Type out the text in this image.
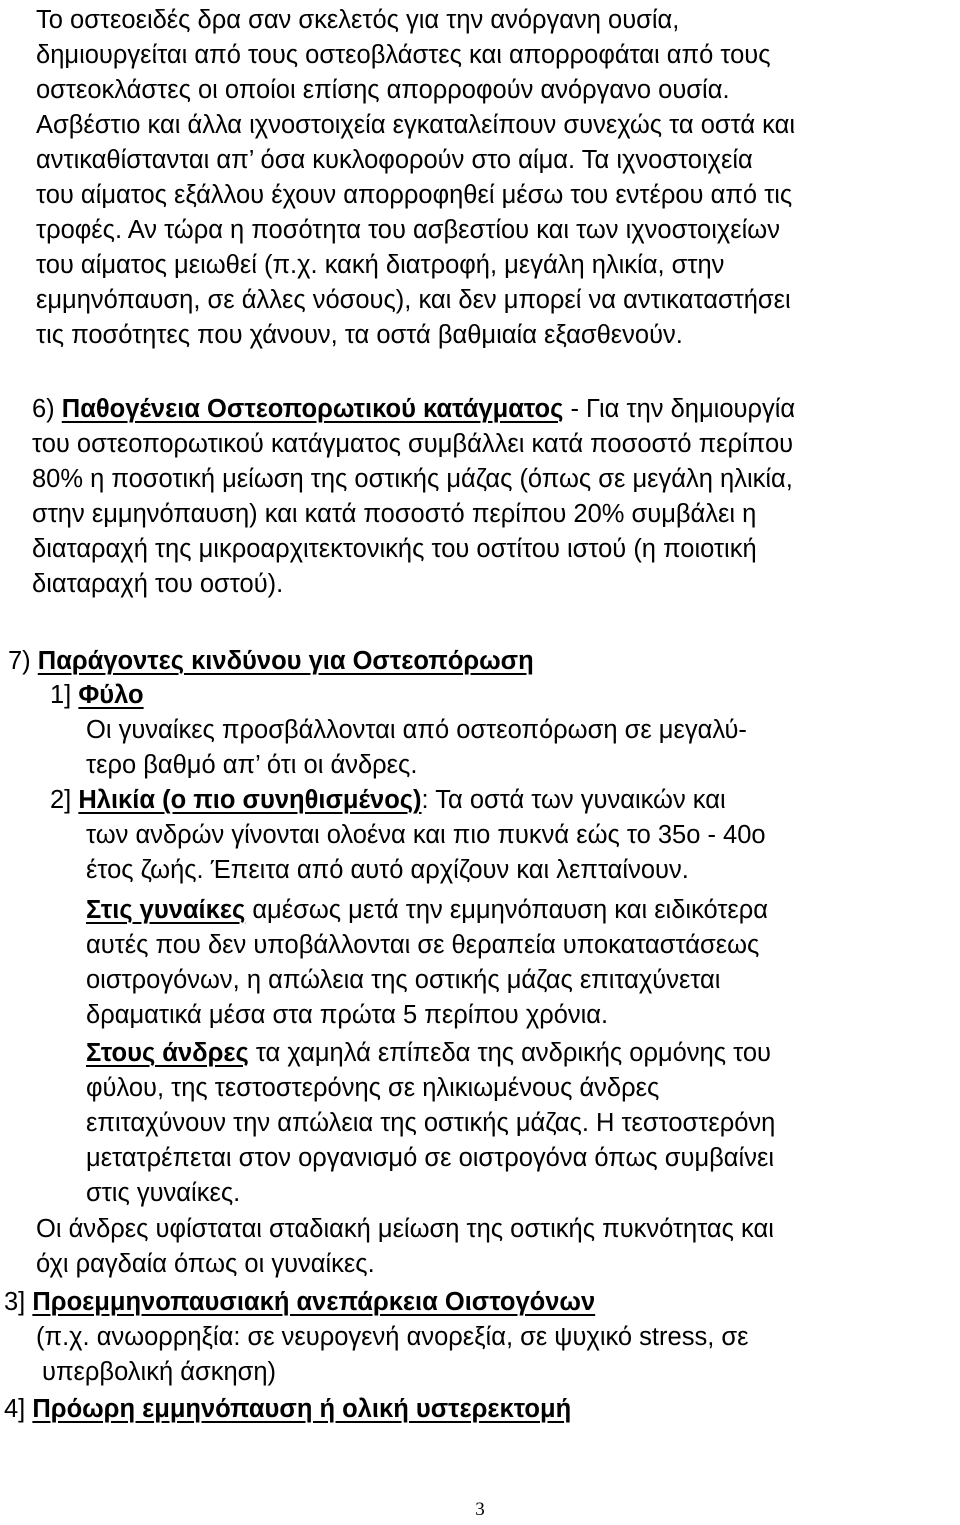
Το οστεοειδές δρα σαν σκελετός για την ανόργανη ουσία,
δημιουργείται από τους οστεοβλάστες και απορροφάται από τους
οστεοκλάστες οι οποίοι επίσης απορροφούν ανόργανο ουσία.
Ασβέστιο και άλλα ιχνοστοιχεία εγκαταλείπουν συνεχώς τα οστά και
αντικαθίστανται απ’ όσα κυκλοφορούν στο αίμα. Τα ιχνοστοιχεία
του αίματος εξάλλου έχουν απορροφηθεί μέσω του εντέρου από τις
τροφές. Αν τώρα η ποσότητα του ασβεστίου και των ιχνοστοιχείων
του αίματος μειωθεί (π.χ. κακή διατροφή, μεγάλη ηλικία, στην
εμμηνόπαυση, σε άλλες νόσους), και δεν μπορεί να αντικαταστήσει
τις ποσότητες που χάνουν, τα οστά βαθμιαία εξασθενούν.
6) Παθογένεια Οστεοπορωτικού κατάγματος - Για την δημιουργία
του οστεοπορωτικού κατάγματος συμβάλλει κατά ποσοστό περίπου
80% η ποσοτική μείωση της οστικής μάζας (όπως σε μεγάλη ηλικία,
στην εμμηνόπαυση) και κατά ποσοστό περίπου 20% συμβάλει η
διαταραχή της μικροαρχιτεκτονικής του οστίτου ιστού (η ποιοτική
διαταραχή του οστού).
7) Παράγοντες κινδύνου για Οστεοπόρωση
1] Φύλο
Οι γυναίκες προσβάλλονται από οστεοπόρωση σε μεγαλύ-
τερο βαθμό απ’ ότι οι άνδρες.
2] Ηλικία (ο πιο συνηθισμένος): Τα οστά των γυναικών και
των ανδρών γίνονται ολοένα και πιο πυκνά εώς το 35ο - 40ο
έτος ζωής. Έπειτα από αυτό αρχίζουν και λεπταίνουν.
Στις γυναίκες αμέσως μετά την εμμηνόπαυση και ειδικότερα
αυτές που δεν υποβάλλονται σε θεραπεία υποκαταστάσεως
οιστρογόνων, η απώλεια της οστικής μάζας επιταχύνεται
δραματικά μέσα στα πρώτα 5 περίπου χρόνια.
Στους άνδρες τα χαμηλά επίπεδα της ανδρικής ορμόνης του
φύλου, της τεστοστερόνης σε ηλικιωμένους άνδρες
επιταχύνουν την απώλεια της οστικής μάζας. Η τεστοστερόνη
μετατρέπεται στον οργανισμό σε οιστρογόνα όπως συμβαίνει
στις γυναίκες.
Οι άνδρες υφίσταται σταδιακή μείωση της οστικής πυκνότητας και
όχι ραγδαία όπως οι γυναίκες.
3] Προεμμηνοπαυσιακή ανεπάρκεια Οιστογόνων
(π.χ. ανωορρηξία: σε νευρογενή ανορεξία, σε ψυχικό stress, σε
υπερβολική άσκηση)
4] Πρόωρη εμμηνόπαυση ή ολική υστερεκτομή
3
